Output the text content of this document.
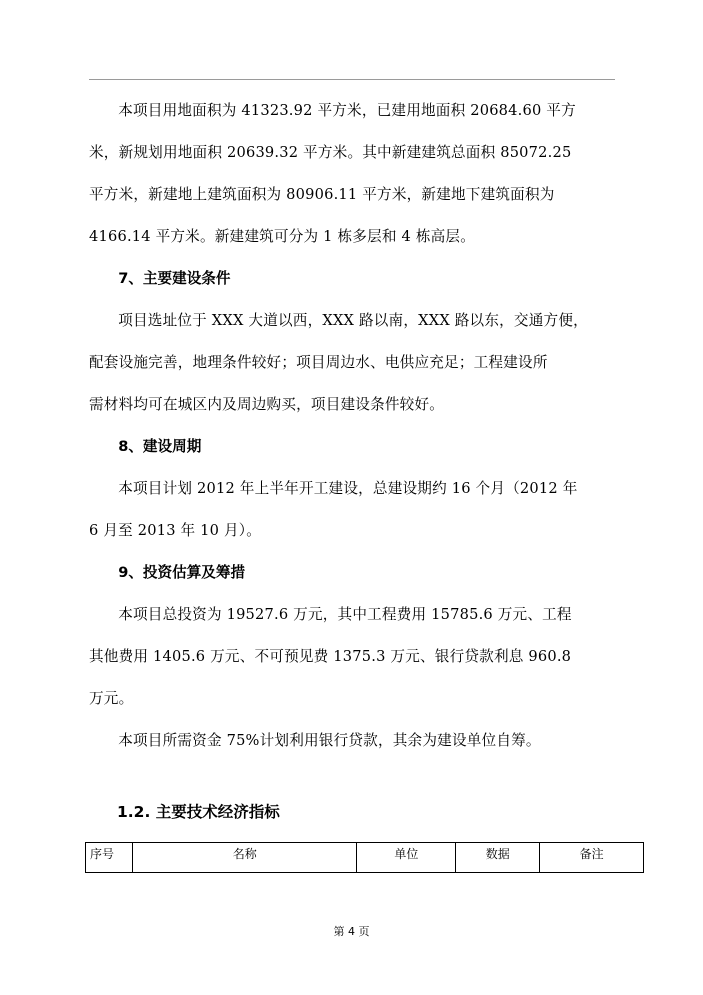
本项目用地面积为 41323.92 平方米，已建用地面积 20684.60 平方
米，新规划用地面积 20639.32 平方米。其中新建建筑总面积 85072.25
平方米，新建地上建筑面积为 80906.11 平方米，新建地下建筑面积为
4166.14 平方米。新建建筑可分为 1 栋多层和 4 栋高层。

7、主要建设条件

项目选址位于 XXX 大道以西，XXX 路以南，XXX 路以东，交通方便，
配套设施完善，地理条件较好；项目周边水、电供应充足；工程建设所
需材料均可在城区内及周边购买，项目建设条件较好。

8、建设周期

本项目计划 2012 年上半年开工建设，总建设期约 16 个月（2012 年
6 月至 2013 年 10 月）。

9、投资估算及筹措

本项目总投资为 19527.6 万元，其中工程费用 15785.6 万元、工程
其他费用 1405.6 万元、不可预见费 1375.3 万元、银行贷款利息 960.8
万元。

本项目所需资金 75%计划利用银行贷款，其余为建设单位自筹。

1.2. 主要技术经济指标
序号	名称	单位	数据	备注
第 4 页
